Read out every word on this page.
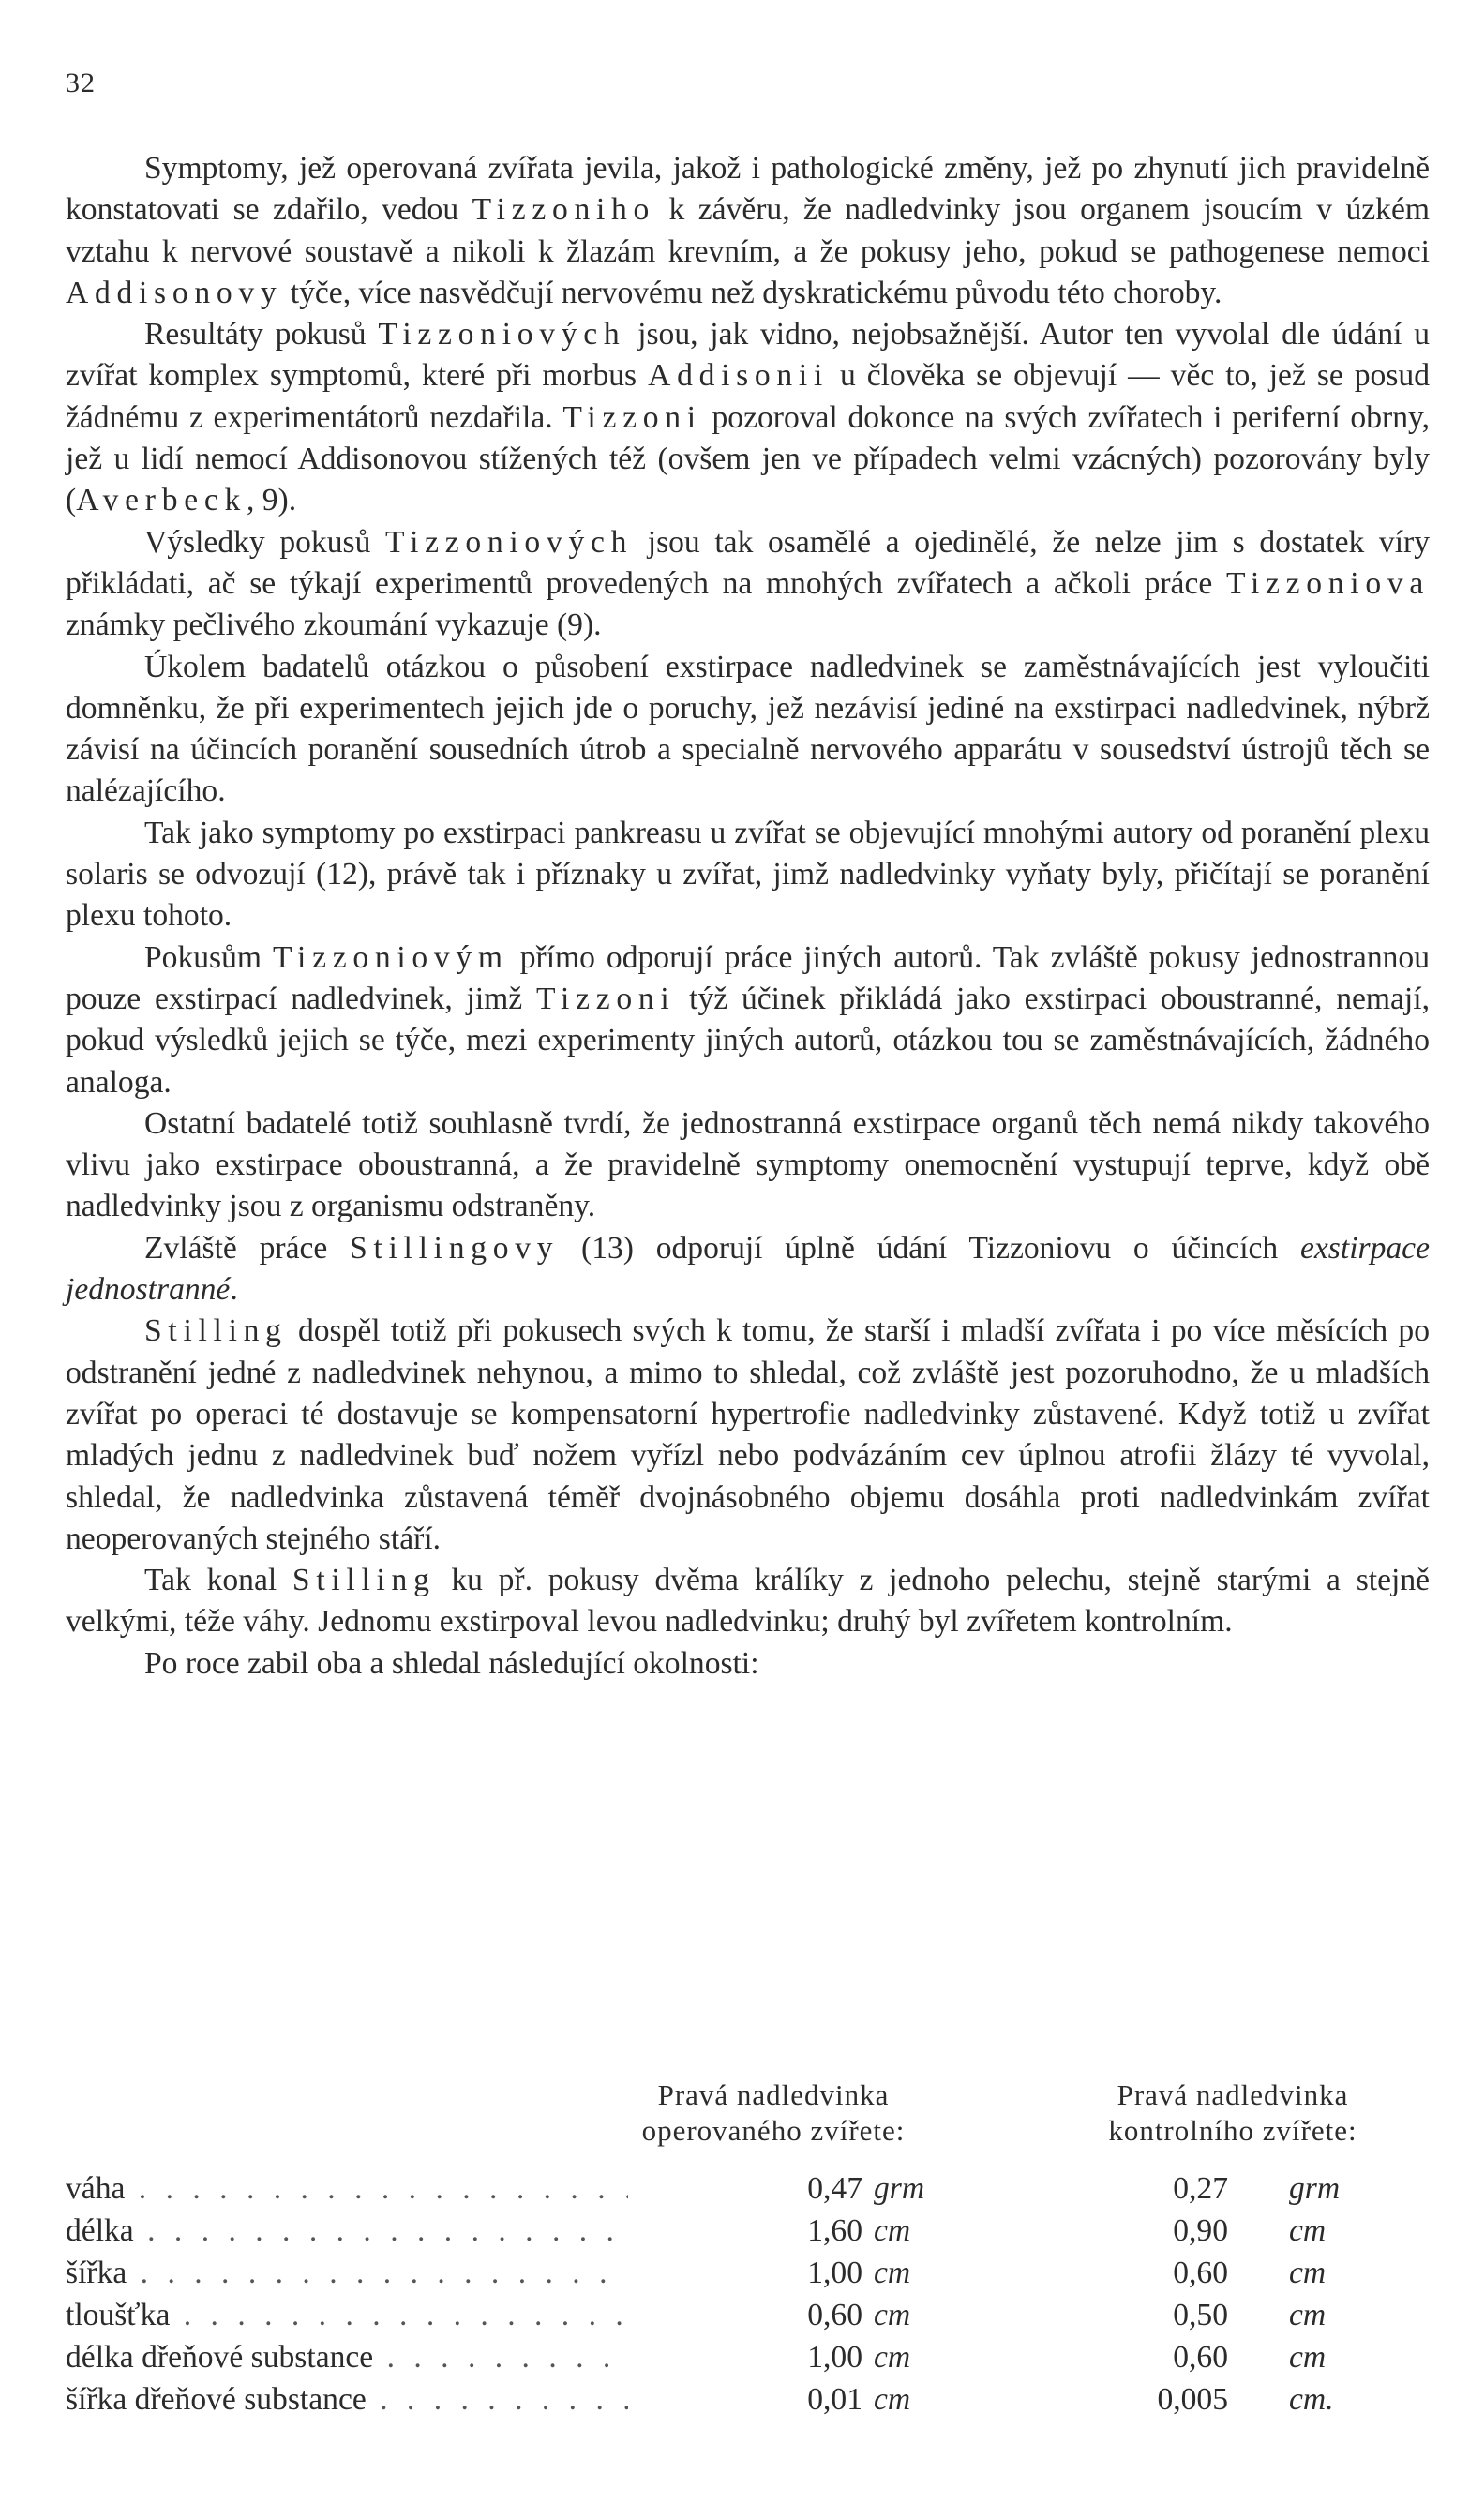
32

Symptomy, jež operovaná zvířata jevila, jakož i pathologické změny, jež po zhynutí jich pravidelně konstatovati se zdařilo, vedou Tizzoniho k závěru, že nadledvinky jsou organem jsoucím v úzkém vztahu k nervové soustavě a nikoli k žlazám krevním, a že pokusy jeho, pokud se pathogenese nemoci Addisonovy týče, více nasvědčují nervovému než dyskratickému původu této choroby.

Resultáty pokusů Tizzoniových jsou, jak vidno, nejobsažnější. Autor ten vyvolal dle údání u zvířat komplex symptomů, které při morbus Addisonii u člověka se objevují — věc to, jež se posud žádnému z experimentátorů nezdařila. Tizzoni pozoroval dokonce na svých zvířatech i periferní obrny, jež u lidí nemocí Addisonovou stížených též (ovšem jen ve případech velmi vzácných) pozorovány byly (Averbeck, 9).

Výsledky pokusů Tizzoniových jsou tak osamělé a ojedinělé, že nelze jim s dostatek víry přikládati, ač se týkají experimentů provedených na mnohých zvířatech a ačkoli práce Tizzoniova známky pečlivého zkoumání vykazuje (9).

Úkolem badatelů otázkou o působení exstirpace nadledvinek se zaměstnávajících jest vyloučiti domněnku, že při experimentech jejich jde o poruchy, jež nezávisí jediné na exstirpaci nadledvinek, nýbrž závisí na účincích poranění sousedních útrob a specialně nervového apparátu v sousedství ústrojů těch se nalézajícího.

Tak jako symptomy po exstirpaci pankreasu u zvířat se objevující mnohými autory od poranění plexu solaris se odvozují (12), právě tak i příznaky u zvířat, jimž nadledvinky vyňaty byly, přičítají se poranění plexu tohoto.

Pokusům Tizzoniovým přímo odporují práce jiných autorů. Tak zvláště pokusy jednostrannou pouze exstirpací nadledvinek, jimž Tizzoni týž účinek přikládá jako exstirpaci oboustranné, nemají, pokud výsledků jejich se týče, mezi experimenty jiných autorů, otázkou tou se zaměstnávajících, žádného analoga.

Ostatní badatelé totiž souhlasně tvrdí, že jednostranná exstirpace organů těch nemá nikdy takového vlivu jako exstirpace oboustranná, a že pravidelně symptomy onemocnění vystupují teprve, když obě nadledvinky jsou z organismu odstraněny.

Zvláště práce Stillingovy (13) odporují úplně údání Tizzoniovu o účincích exstirpace jednostranné.

Stilling dospěl totiž při pokusech svých k tomu, že starší i mladší zvířata i po více měsících po odstranění jedné z nadledvinek nehynou, a mimo to shledal, což zvláště jest pozoruhodno, že u mladších zvířat po operaci té dostavuje se kompensatorní hypertrofie nadledvinky zůstavené. Když totiž u zvířat mladých jednu z nadledvinek buď nožem vyřízl nebo podvázáním cev úplnou atrofii žlázy té vyvolal, shledal, že nadledvinka zůstavená téměř dvojnásobného objemu dosáhla proti nadledvinkám zvířat neoperovaných stejného stáří.

Tak konal Stilling ku př. pokusy dvěma králíky z jednoho pelechu, stejně starými a stejně velkými, téže váhy. Jednomu exstirpoval levou nadledvinku; druhý byl zvířetem kontrolním.

Po roce zabil oba a shledal následující okolnosti:

Pravá nadledvinka
operovaného zvířete:
Pravá nadledvinka
kontrolního zvířete:
váha . . .	0,47 grm	0,27 grm
délka . . .	1,60 cm	0,90 cm
šířka . . .	1,00 cm	0,60 cm
tloušťka . . .	0,60 cm	0,50 cm
délka dřeňové substance . . .	1,00 cm	0,60 cm
šířka dřeňové substance . . .	0,01 cm	0,005 cm.
